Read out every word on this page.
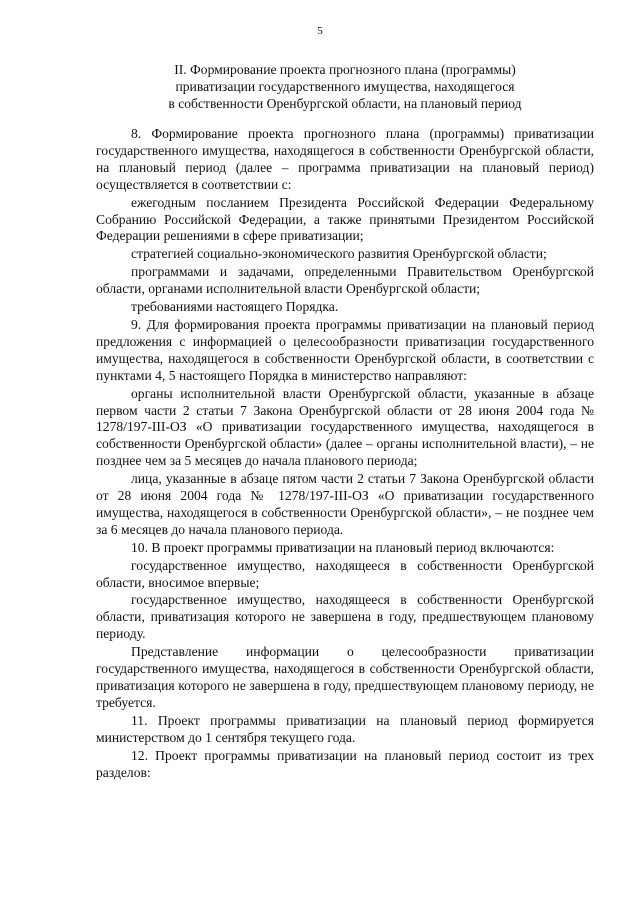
5
II. Формирование проекта прогнозного плана (программы)
приватизации государственного имущества, находящегося
в собственности Оренбургской области, на плановый период

8. Формирование проекта прогнозного плана (программы) приватизации государственного имущества, находящегося в собственности Оренбургской области, на плановый период (далее – программа приватизации на плановый период) осуществляется в соответствии с:

ежегодным посланием Президента Российской Федерации Федеральному Собранию Российской Федерации, а также принятыми Президентом Российской Федерации решениями в сфере приватизации;

стратегией социально-экономического развития Оренбургской области;

программами и задачами, определенными Правительством Оренбургской области, органами исполнительной власти Оренбургской области;

требованиями настоящего Порядка.

9. Для формирования проекта программы приватизации на плановый период предложения с информацией о целесообразности приватизации государственного имущества, находящегося в собственности Оренбургской области, в соответствии с пунктами 4, 5 настоящего Порядка в министерство направляют:

органы исполнительной власти Оренбургской области, указанные в абзаце первом части 2 статьи 7 Закона Оренбургской области от 28 июня 2004 года № 1278/197-III-ОЗ «О приватизации государственного имущества, находящегося в собственности Оренбургской области» (далее – органы исполнительной власти), – не позднее чем за 5 месяцев до начала планового периода;

лица, указанные в абзаце пятом части 2 статьи 7 Закона Оренбургской области от 28 июня 2004 года № 1278/197-III-ОЗ «О приватизации государственного имущества, находящегося в собственности Оренбургской области», – не позднее чем за 6 месяцев до начала планового периода.

10. В проект программы приватизации на плановый период включаются:

государственное имущество, находящееся в собственности Оренбургской области, вносимое впервые;

государственное имущество, находящееся в собственности Оренбургской области, приватизация которого не завершена в году, предшествующем плановому периоду.

Представление информации о целесообразности приватизации государственного имущества, находящегося в собственности Оренбургской области, приватизация которого не завершена в году, предшествующем плановому периоду, не требуется.

11. Проект программы приватизации на плановый период формируется министерством до 1 сентября текущего года.

12. Проект программы приватизации на плановый период состоит из трех разделов:
